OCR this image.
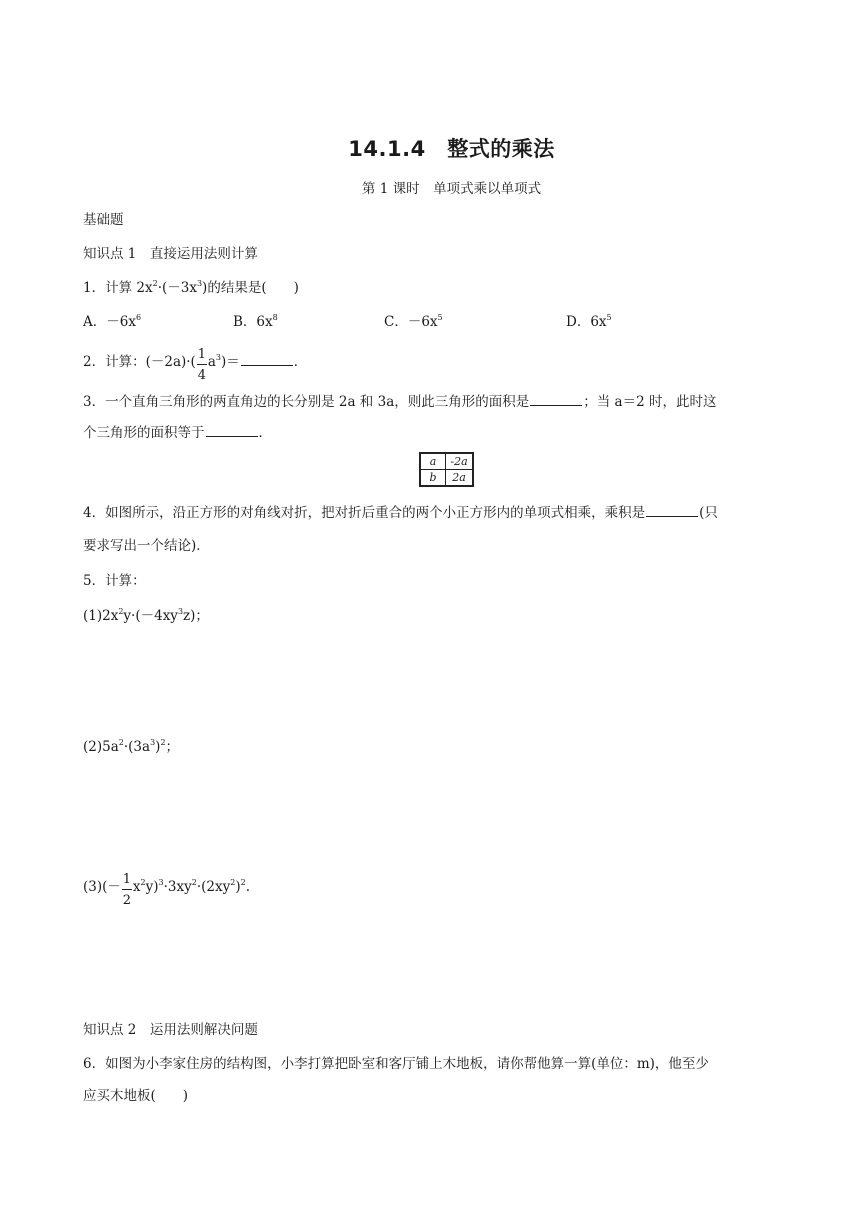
14.1.4　整式的乘法
第 1 课时　单项式乘以单项式
基础题
知识点 1　直接运用法则计算
1．计算 $2x^2\cdot(-3x^3)$的结果是(　　)
A．$-6x^6$	B．$6x^8$	C．$-6x^5$	D．$6x^5$
2．计算：$(-2a)\cdot( \frac{1}{4} a^3)=$	．
3．一个直角三角形的两直角边的长分别是 2a 和 3a，则此三角形的面积是	；当 a＝2 时，此时这
个三角形的面积等于	．
a	-2a
b	2a
4．如图所示，沿正方形的对角线对折，把对折后重合的两个小正方形内的单项式相乘，乘积是	(只
要求写出一个结论)．
5．计算：
$(1)2x^2y\cdot(-4xy^3z)$；
$(2)5a^2\cdot(3a^3)^2$；
$(3)(- \frac{1}{2} x^2y)^3\cdot 3xy^2\cdot(2xy^2)^2$.
知识点 2　运用法则解决问题
6．如图为小李家住房的结构图，小李打算把卧室和客厅铺上木地板，请你帮他算一算(单位：m)，他至少
应买木地板(　　)
